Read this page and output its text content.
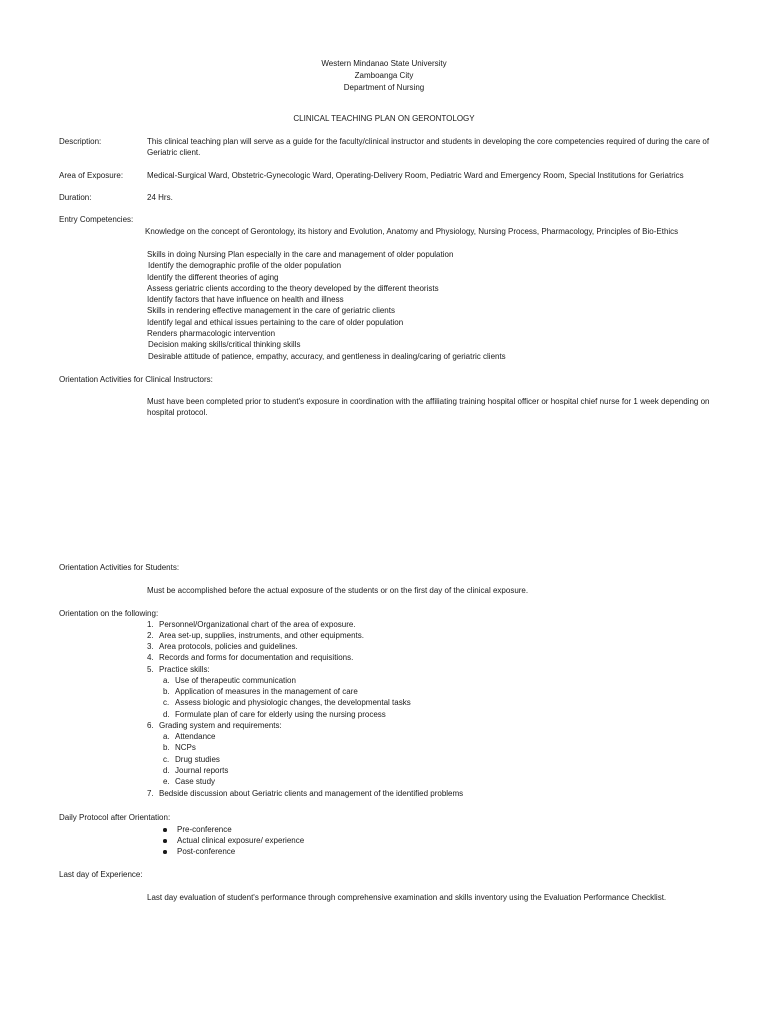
Western Mindanao State University
Zamboanga City
Department of Nursing
CLINICAL TEACHING PLAN ON GERONTOLOGY
Description:	This clinical teaching plan will serve as a guide for the faculty/clinical instructor and students in developing the core competencies required of during the care of Geriatric client.
Area of Exposure:	Medical-Surgical Ward, Obstetric-Gynecologic Ward, Operating-Delivery Room, Pediatric Ward and Emergency Room, Special Institutions for Geriatrics
Duration:	24 Hrs.
Entry Competencies:
Knowledge on the concept of Gerontology, its history and Evolution, Anatomy and Physiology, Nursing Process, Pharmacology, Principles of Bio-Ethics
Skills in doing Nursing Plan especially in the care and management of older population
Identify the demographic profile of the older population
Identify the different theories of aging
Assess geriatric clients according to the theory developed by the different theorists
Identify factors that have influence on health and illness
Skills in rendering effective management in the care of geriatric clients
Identify legal and ethical issues pertaining to the care of older population
Renders pharmacologic intervention
Decision making skills/critical thinking skills
Desirable attitude of patience, empathy, accuracy, and gentleness in dealing/caring of geriatric clients
Orientation Activities for Clinical Instructors:
Must have been completed prior to student's exposure in coordination with the affiliating training hospital officer or hospital chief nurse for 1 week depending on hospital protocol.
Orientation Activities for Students:
Must be accomplished before the actual exposure of the students or on the first day of the clinical exposure.
Orientation on the following:
1. Personnel/Organizational chart of the area of exposure.
2. Area set-up, supplies, instruments, and other equipments.
3. Area protocols, policies and guidelines.
4. Records and forms for documentation and requisitions.
5. Practice skills:
a. Use of therapeutic communication
b. Application of measures in the management of care
c. Assess biologic and physiologic changes, the developmental tasks
d. Formulate plan of care for elderly using the nursing process
6. Grading system and requirements:
a. Attendance
b. NCPs
c. Drug studies
d. Journal reports
e. Case study
7. Bedside discussion about Geriatric clients and management of the identified problems
Daily Protocol after Orientation:
Pre-conference
Actual clinical exposure/ experience
Post-conference
Last day of Experience:
Last day evaluation of student's performance through comprehensive examination and skills inventory using the Evaluation Performance Checklist.
